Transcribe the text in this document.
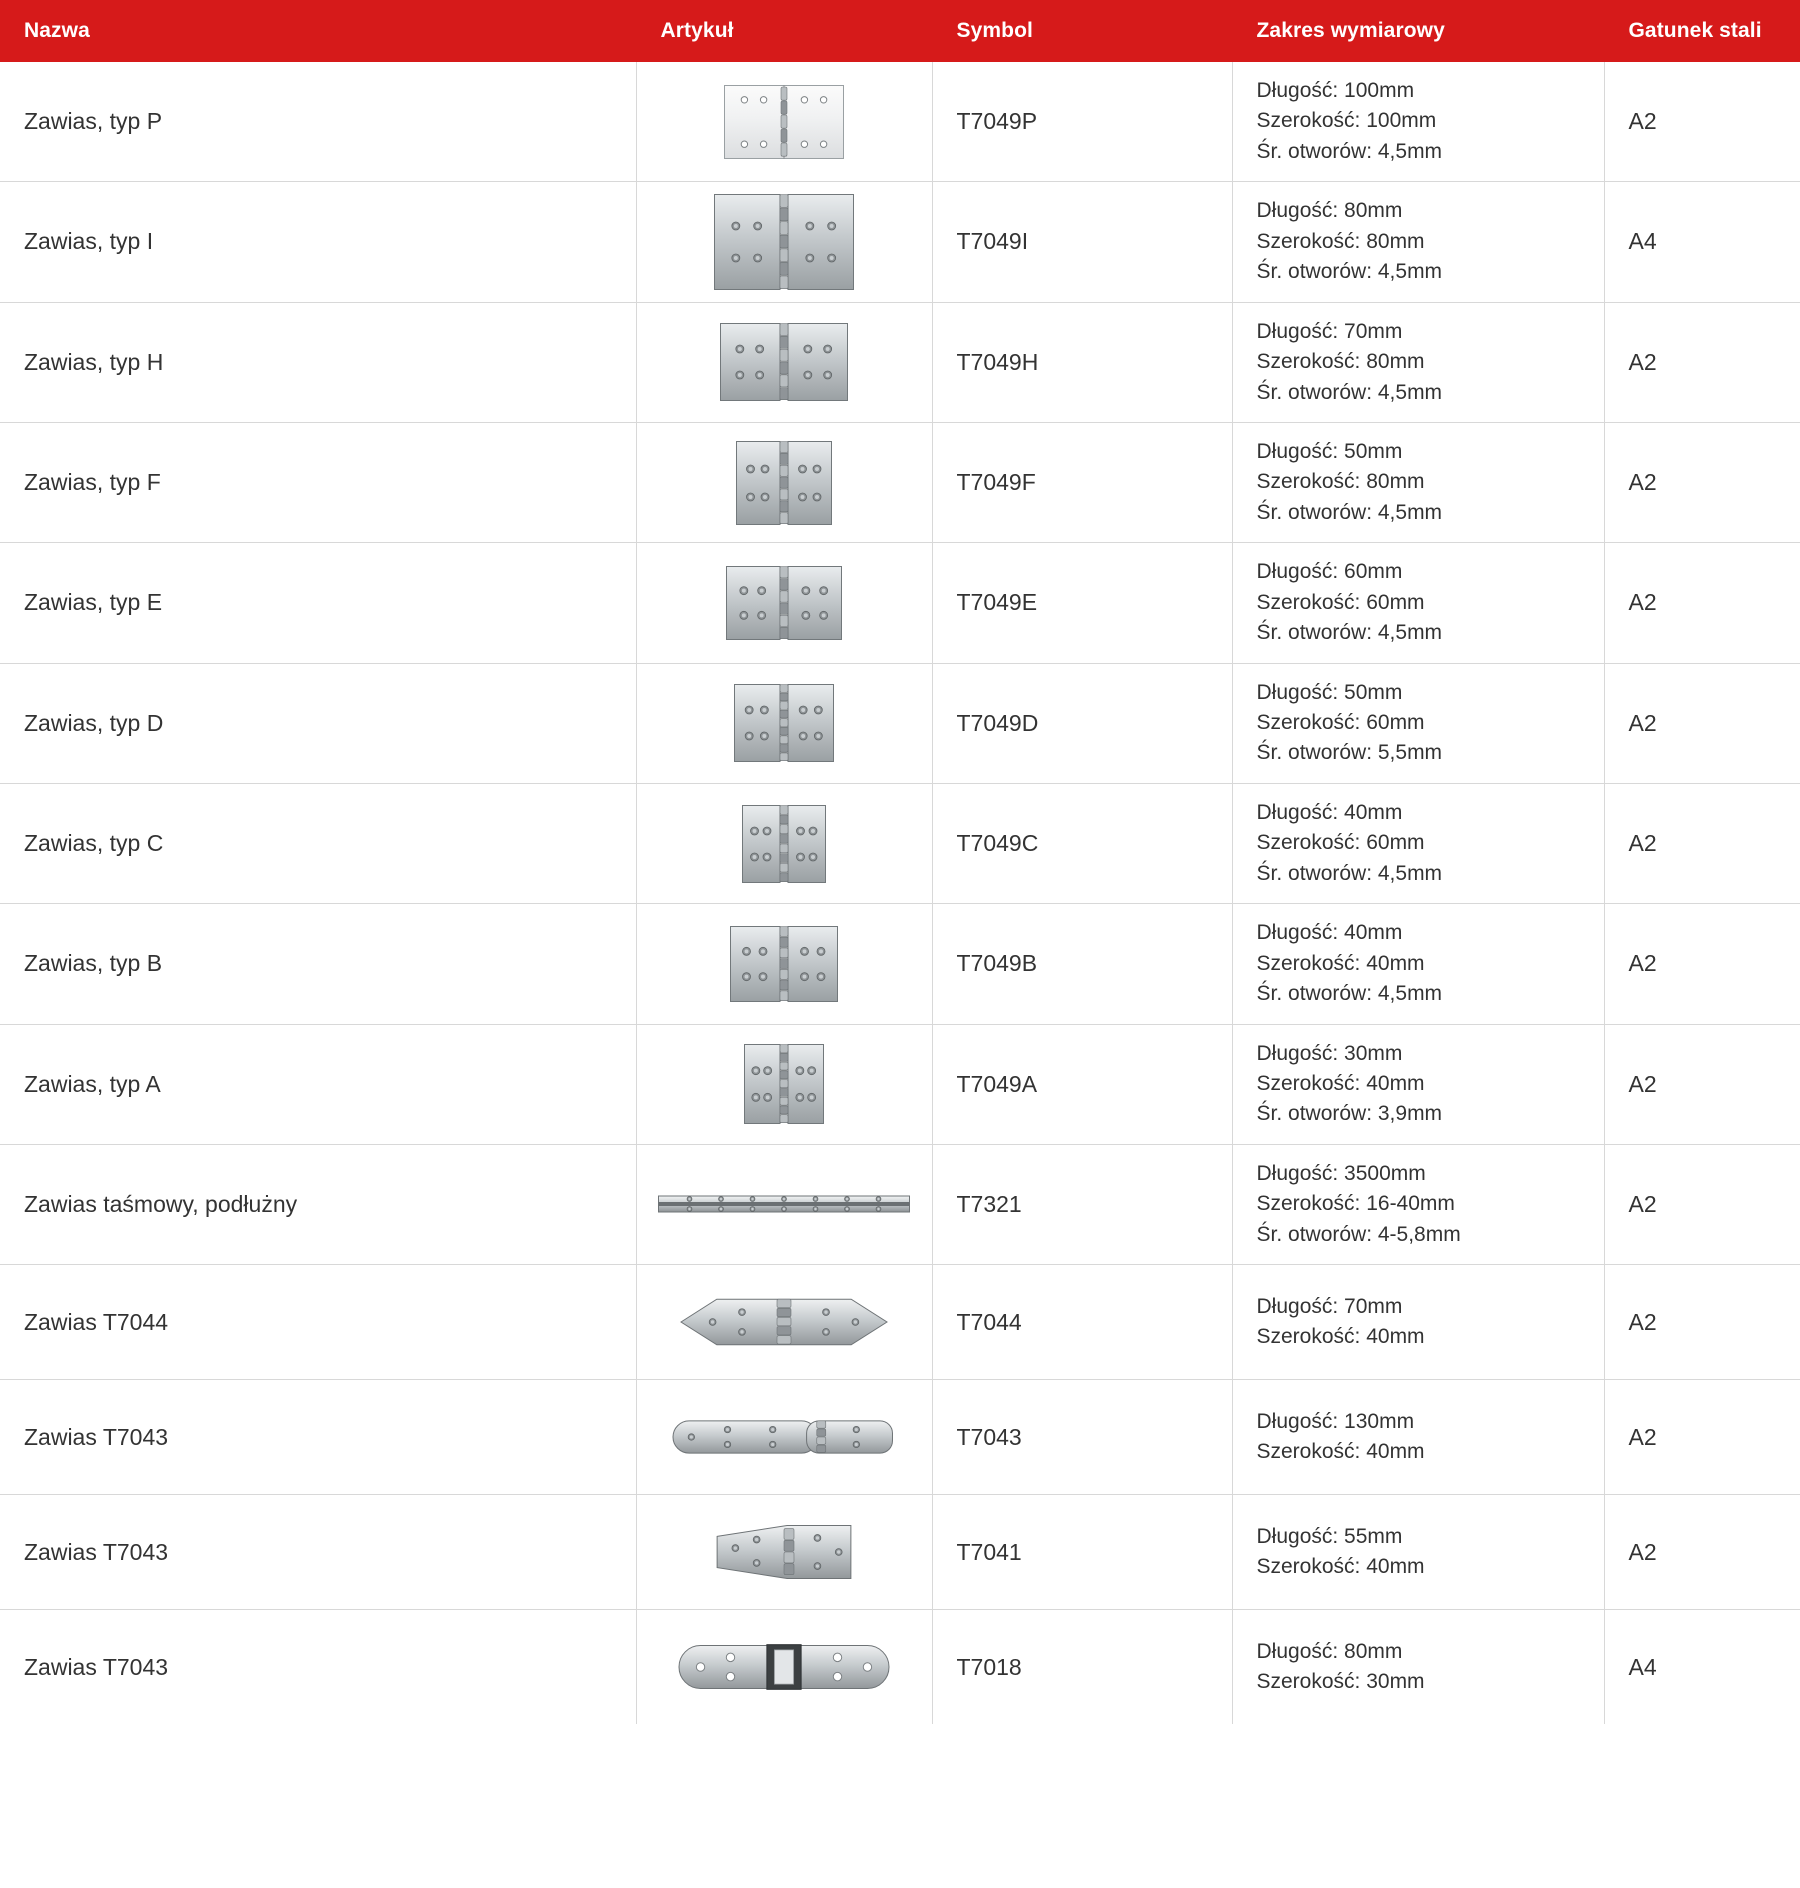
Nazwa	Artykuł	Symbol	Zakres wymiarowy	Gatunek stali
Zawias, typ P		T7049P	Długość: 100mm
Szerokość: 100mm
Śr. otworów: 4,5mm	A2
Zawias, typ I		T7049I	Długość: 80mm
Szerokość: 80mm
Śr. otworów: 4,5mm	A4
Zawias, typ H		T7049H	Długość: 70mm
Szerokość: 80mm
Śr. otworów: 4,5mm	A2
Zawias, typ F		T7049F	Długość: 50mm
Szerokość: 80mm
Śr. otworów: 4,5mm	A2
Zawias, typ E		T7049E	Długość: 60mm
Szerokość: 60mm
Śr. otworów: 4,5mm	A2
Zawias, typ D		T7049D	Długość: 50mm
Szerokość: 60mm
Śr. otworów: 5,5mm	A2
Zawias, typ C		T7049C	Długość: 40mm
Szerokość: 60mm
Śr. otworów: 4,5mm	A2
Zawias, typ B		T7049B	Długość: 40mm
Szerokość: 40mm
Śr. otworów: 4,5mm	A2
Zawias, typ A		T7049A	Długość: 30mm
Szerokość: 40mm
Śr. otworów: 3,9mm	A2
Zawias taśmowy, podłużny		T7321	Długość: 3500mm
Szerokość: 16-40mm
Śr. otworów: 4-5,8mm	A2
Zawias T7044		T7044	Długość: 70mm
Szerokość: 40mm	A2
Zawias T7043		T7043	Długość: 130mm
Szerokość: 40mm	A2
Zawias T7043		T7041	Długość: 55mm
Szerokość: 40mm	A2
Zawias T7043		T7018	Długość: 80mm
Szerokość: 30mm	A4
